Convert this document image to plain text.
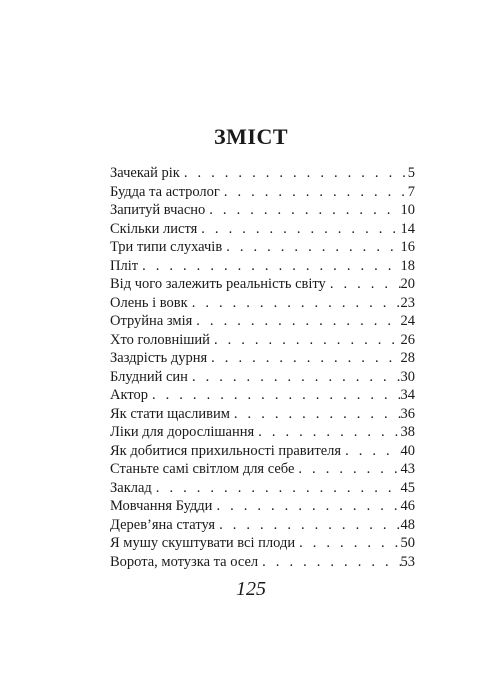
ЗМІСТ
Зачекай рік . . .	5
Будда та астролог . . .	7
Запитуй вчасно . . .	10
Скільки листя . . .	14
Три типи слухачів . . .	16
Пліт . . .	18
Від чого залежить реальність світу . . .	20
Олень і вовк . . .	23
Отруйна змія . . .	24
Хто головніший . . .	26
Заздрість дурня . . .	28
Блудний син . . .	30
Актор . . .	34
Як стати щасливим . . .	36
Ліки для дорослішання . . .	38
Як добитися прихильності правителя . . .	40
Станьте самі світлом для себе . . .	43
Заклад . . .	45
Мовчання Будди . . .	46
Дерев’яна статуя . . .	48
Я мушу скуштувати всі плоди . . .	50
Ворота, мотузка та осел . . .	53
125
